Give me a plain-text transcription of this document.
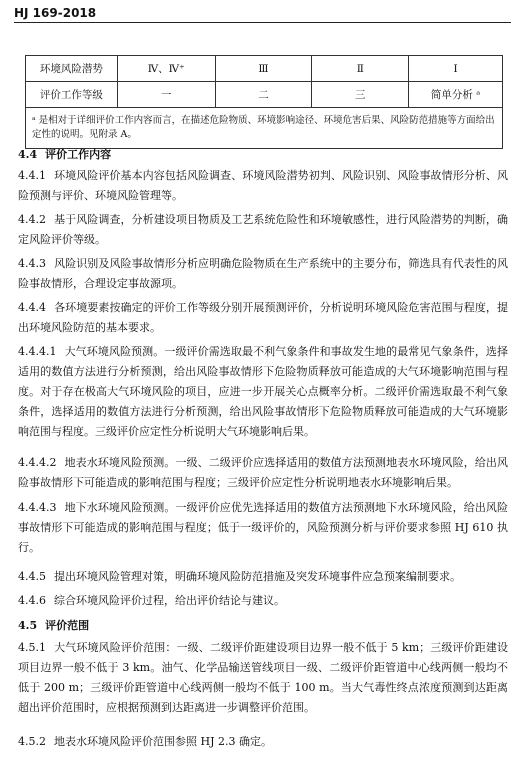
HJ 169-2018
环境风险潜势	Ⅳ、Ⅳ⁺	Ⅲ	Ⅱ	Ⅰ
评价工作等级	一	二	三	简单分析 ᵃ
ᵃ 是相对于详细评价工作内容而言，在描述危险物质、环境影响途径、环境危害后果、风险防范措施等方面给出定性的说明。见附录 A。				
4.4 评价工作内容
4.4.1 环境风险评价基本内容包括风险调查、环境风险潜势初判、风险识别、风险事故情形分析、风险预测与评价、环境风险管理等。
4.4.2 基于风险调查，分析建设项目物质及工艺系统危险性和环境敏感性，进行风险潜势的判断，确定风险评价等级。
4.4.3 风险识别及风险事故情形分析应明确危险物质在生产系统中的主要分布，筛选具有代表性的风险事故情形，合理设定事故源项。
4.4.4 各环境要素按确定的评价工作等级分别开展预测评价，分析说明环境风险危害范围与程度，提出环境风险防范的基本要求。
4.4.4.1 大气环境风险预测。一级评价需选取最不利气象条件和事故发生地的最常见气象条件，选择适用的数值方法进行分析预测，给出风险事故情形下危险物质释放可能造成的大气环境影响范围与程度。对于存在极高大气环境风险的项目，应进一步开展关心点概率分析。二级评价需选取最不利气象条件，选择适用的数值方法进行分析预测，给出风险事故情形下危险物质释放可能造成的大气环境影响范围与程度。三级评价应定性分析说明大气环境影响后果。
4.4.4.2 地表水环境风险预测。一级、二级评价应选择适用的数值方法预测地表水环境风险，给出风险事故情形下可能造成的影响范围与程度；三级评价应定性分析说明地表水环境影响后果。
4.4.4.3 地下水环境风险预测。一级评价应优先选择适用的数值方法预测地下水环境风险，给出风险事故情形下可能造成的影响范围与程度；低于一级评价的，风险预测分析与评价要求参照 HJ 610 执行。
4.4.5 提出环境风险管理对策，明确环境风险防范措施及突发环境事件应急预案编制要求。
4.4.6 综合环境风险评价过程，给出评价结论与建议。
4.5 评价范围
4.5.1 大气环境风险评价范围：一级、二级评价距建设项目边界一般不低于 5 km；三级评价距建设项目边界一般不低于 3 km。油气、化学品输送管线项目一级、二级评价距管道中心线两侧一般均不低于 200 m；三级评价距管道中心线两侧一般均不低于 100 m。当大气毒性终点浓度预测到达距离超出评价范围时，应根据预测到达距离进一步调整评价范围。
4.5.2 地表水环境风险评价范围参照 HJ 2.3 确定。
